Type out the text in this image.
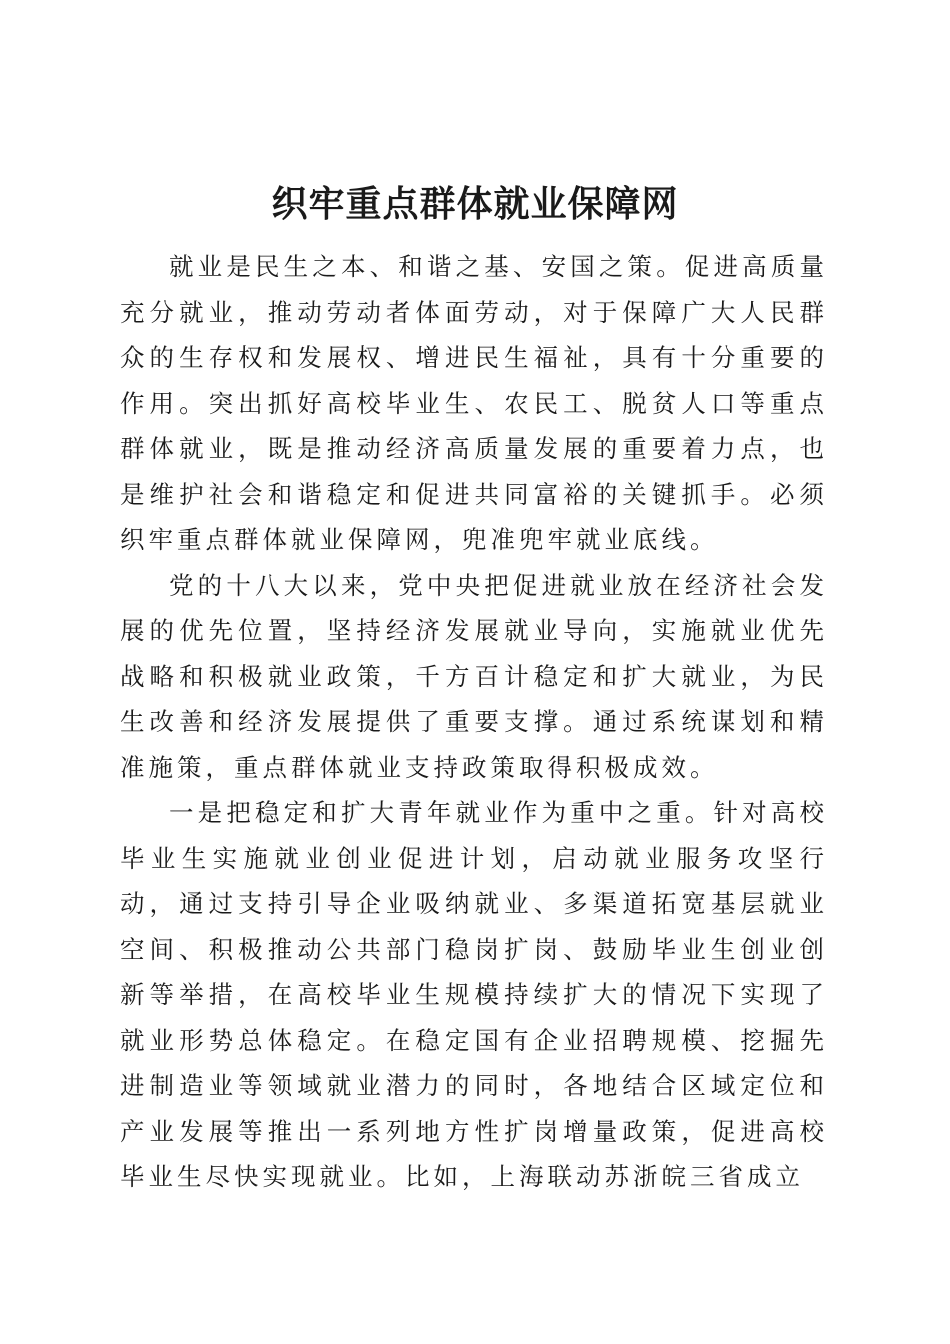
织牢重点群体就业保障网

就业是民生之本、和谐之基、安国之策。促进高质量充分就业，推动劳动者体面劳动，对于保障广大人民群众的生存权和发展权、增进民生福祉，具有十分重要的作用。突出抓好高校毕业生、农民工、脱贫人口等重点群体就业，既是推动经济高质量发展的重要着力点，也是维护社会和谐稳定和促进共同富裕的关键抓手。必须织牢重点群体就业保障网，兜准兜牢就业底线。

党的十八大以来，党中央把促进就业放在经济社会发展的优先位置，坚持经济发展就业导向，实施就业优先战略和积极就业政策，千方百计稳定和扩大就业，为民生改善和经济发展提供了重要支撑。通过系统谋划和精准施策，重点群体就业支持政策取得积极成效。

一是把稳定和扩大青年就业作为重中之重。针对高校毕业生实施就业创业促进计划，启动就业服务攻坚行动，通过支持引导企业吸纳就业、多渠道拓宽基层就业空间、积极推动公共部门稳岗扩岗、鼓励毕业生创业创新等举措，在高校毕业生规模持续扩大的情况下实现了就业形势总体稳定。在稳定国有企业招聘规模、挖掘先进制造业等领域就业潜力的同时，各地结合区域定位和产业发展等推出一系列地方性扩岗增量政策，促进高校毕业生尽快实现就业。比如，上海联动苏浙皖三省成立
